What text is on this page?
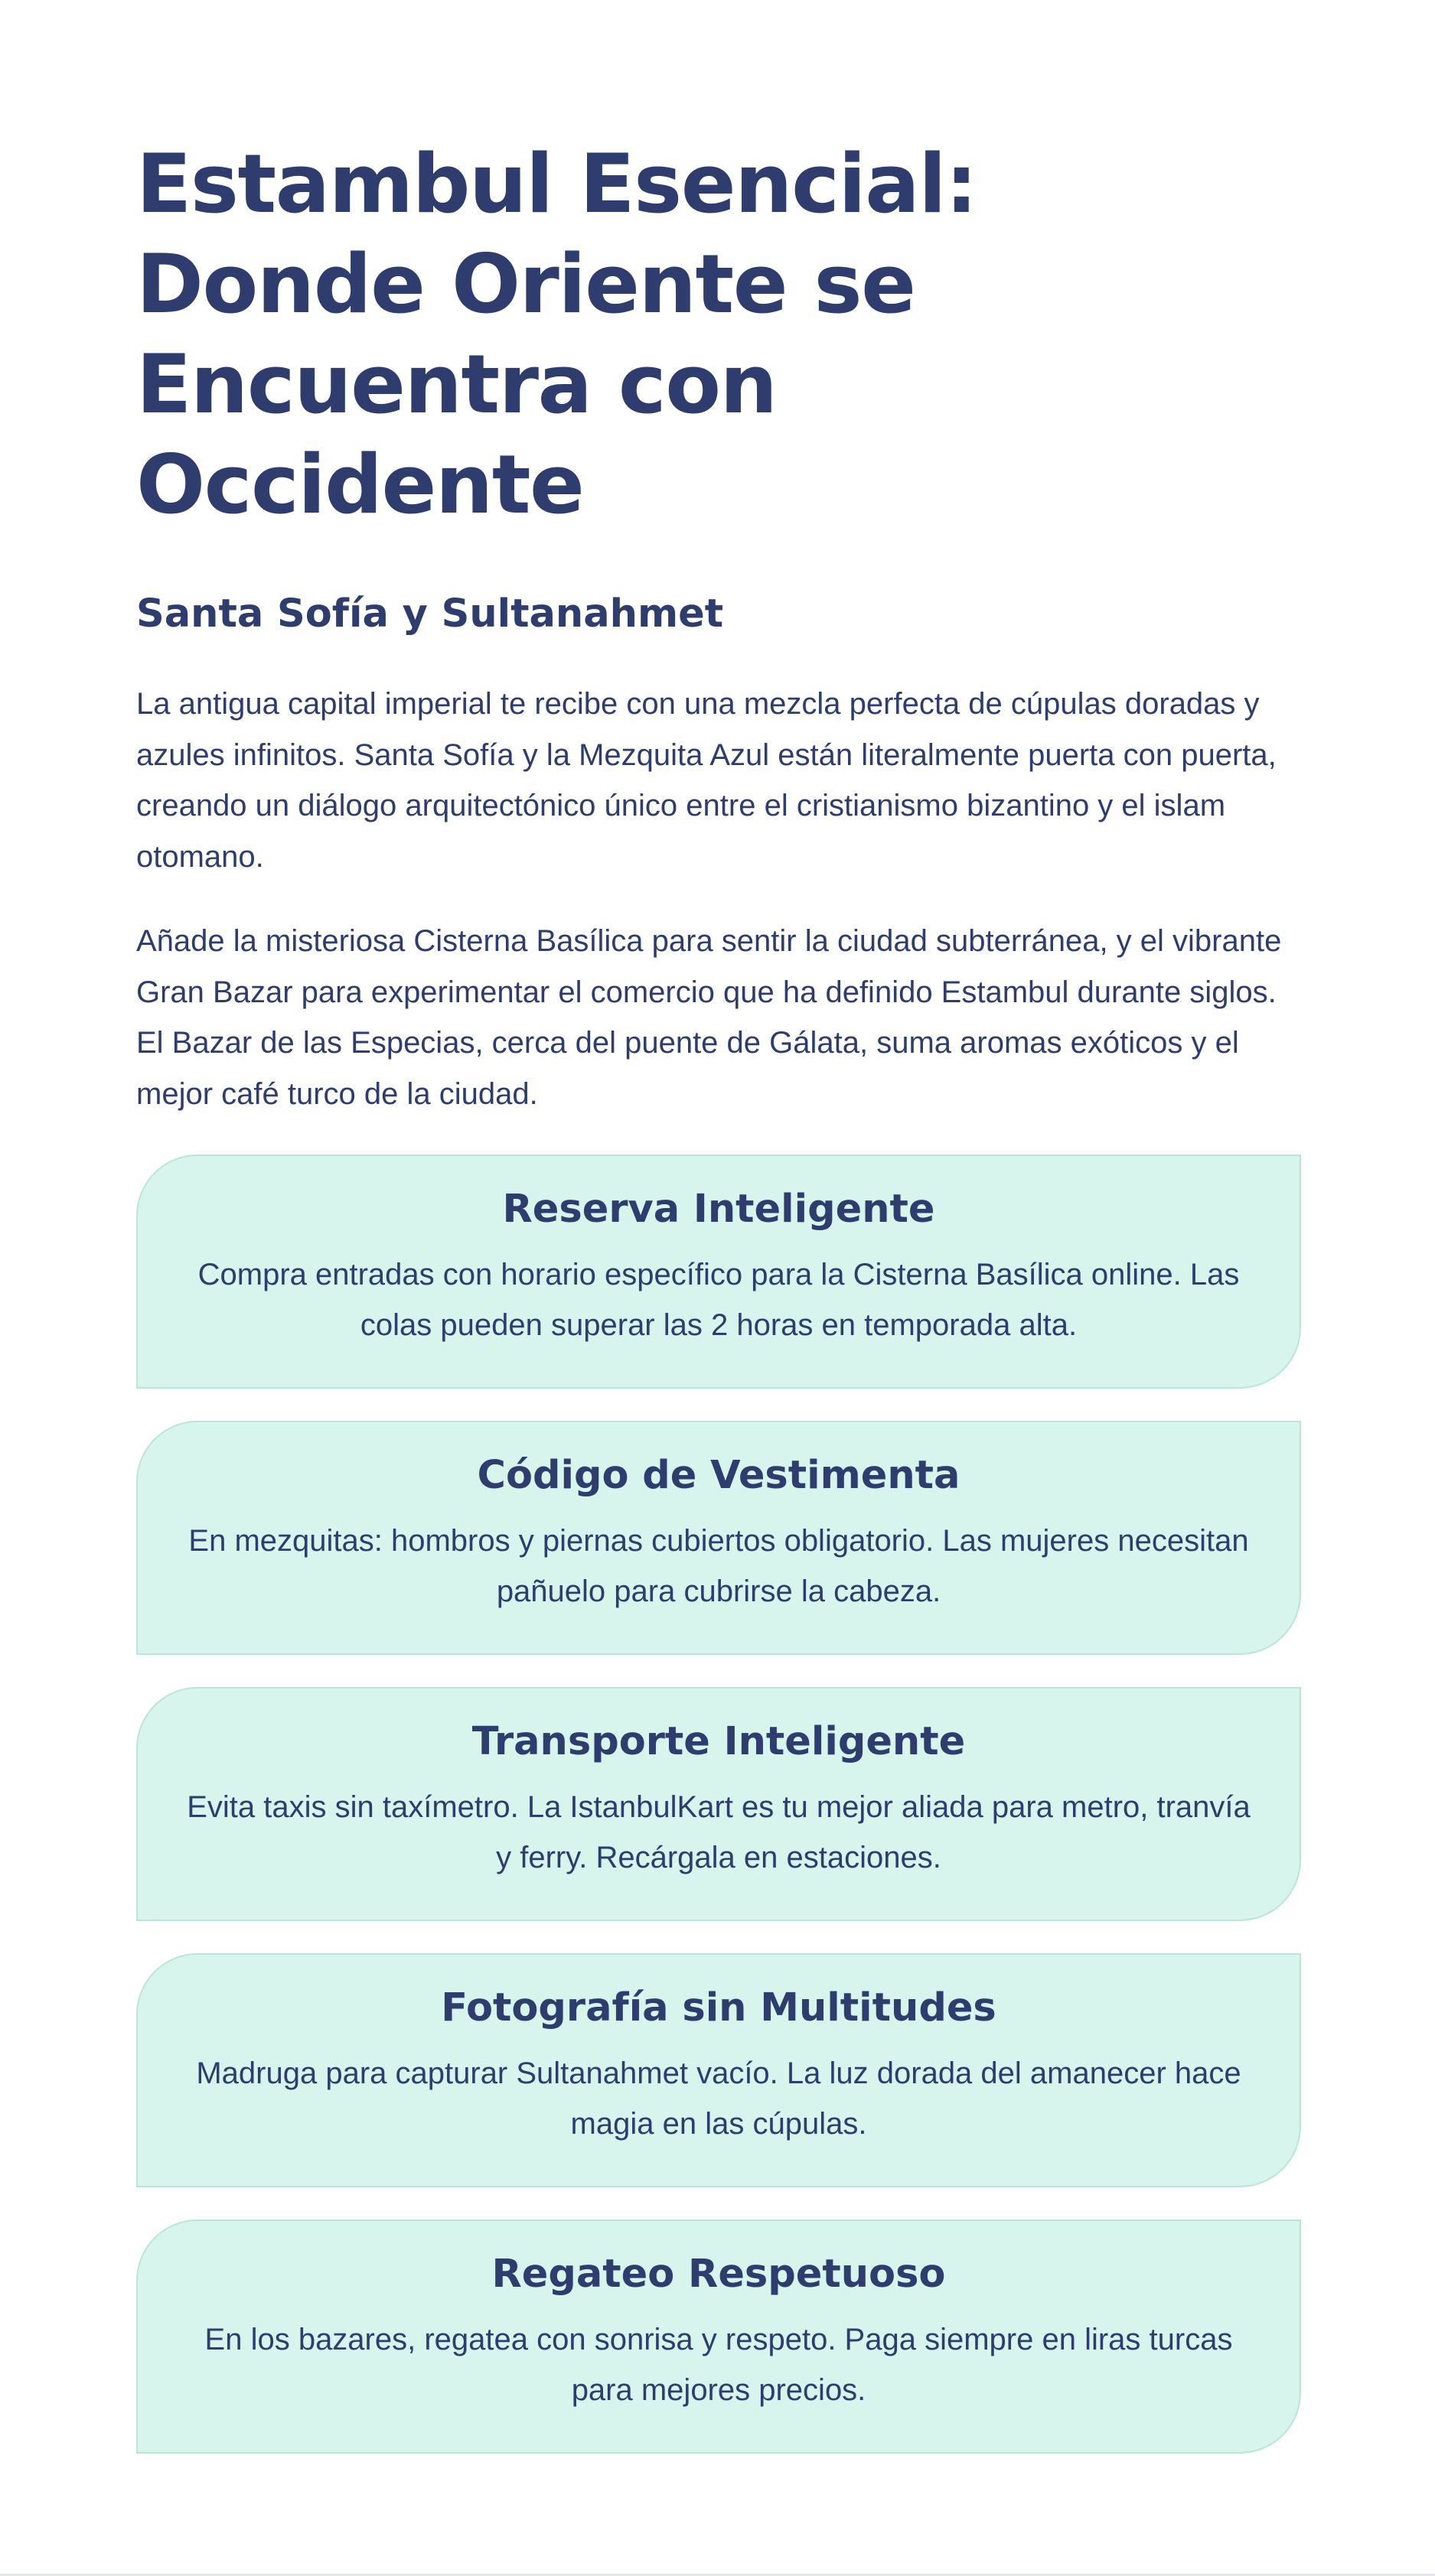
Estambul Esencial: Donde Oriente se Encuentra con Occidente
Santa Sofía y Sultanahmet

La antigua capital imperial te recibe con una mezcla perfecta de cúpulas doradas y azules infinitos. Santa Sofía y la Mezquita Azul están literalmente puerta con puerta, creando un diálogo arquitectónico único entre el cristianismo bizantino y el islam otomano.

Añade la misteriosa Cisterna Basílica para sentir la ciudad subterránea, y el vibrante Gran Bazar para experimentar el comercio que ha definido Estambul durante siglos. El Bazar de las Especias, cerca del puente de Gálata, suma aromas exóticos y el mejor café turco de la ciudad.

Reserva Inteligente

Compra entradas con horario específico para la Cisterna Basílica online. Las colas pueden superar las 2 horas en temporada alta.

Código de Vestimenta

En mezquitas: hombros y piernas cubiertos obligatorio. Las mujeres necesitan pañuelo para cubrirse la cabeza.

Transporte Inteligente

Evita taxis sin taxímetro. La IstanbulKart es tu mejor aliada para metro, tranvía y ferry. Recárgala en estaciones.

Fotografía sin Multitudes

Madruga para capturar Sultanahmet vacío. La luz dorada del amanecer hace magia en las cúpulas.

Regateo Respetuoso

En los bazares, regatea con sonrisa y respeto. Paga siempre en liras turcas para mejores precios.
